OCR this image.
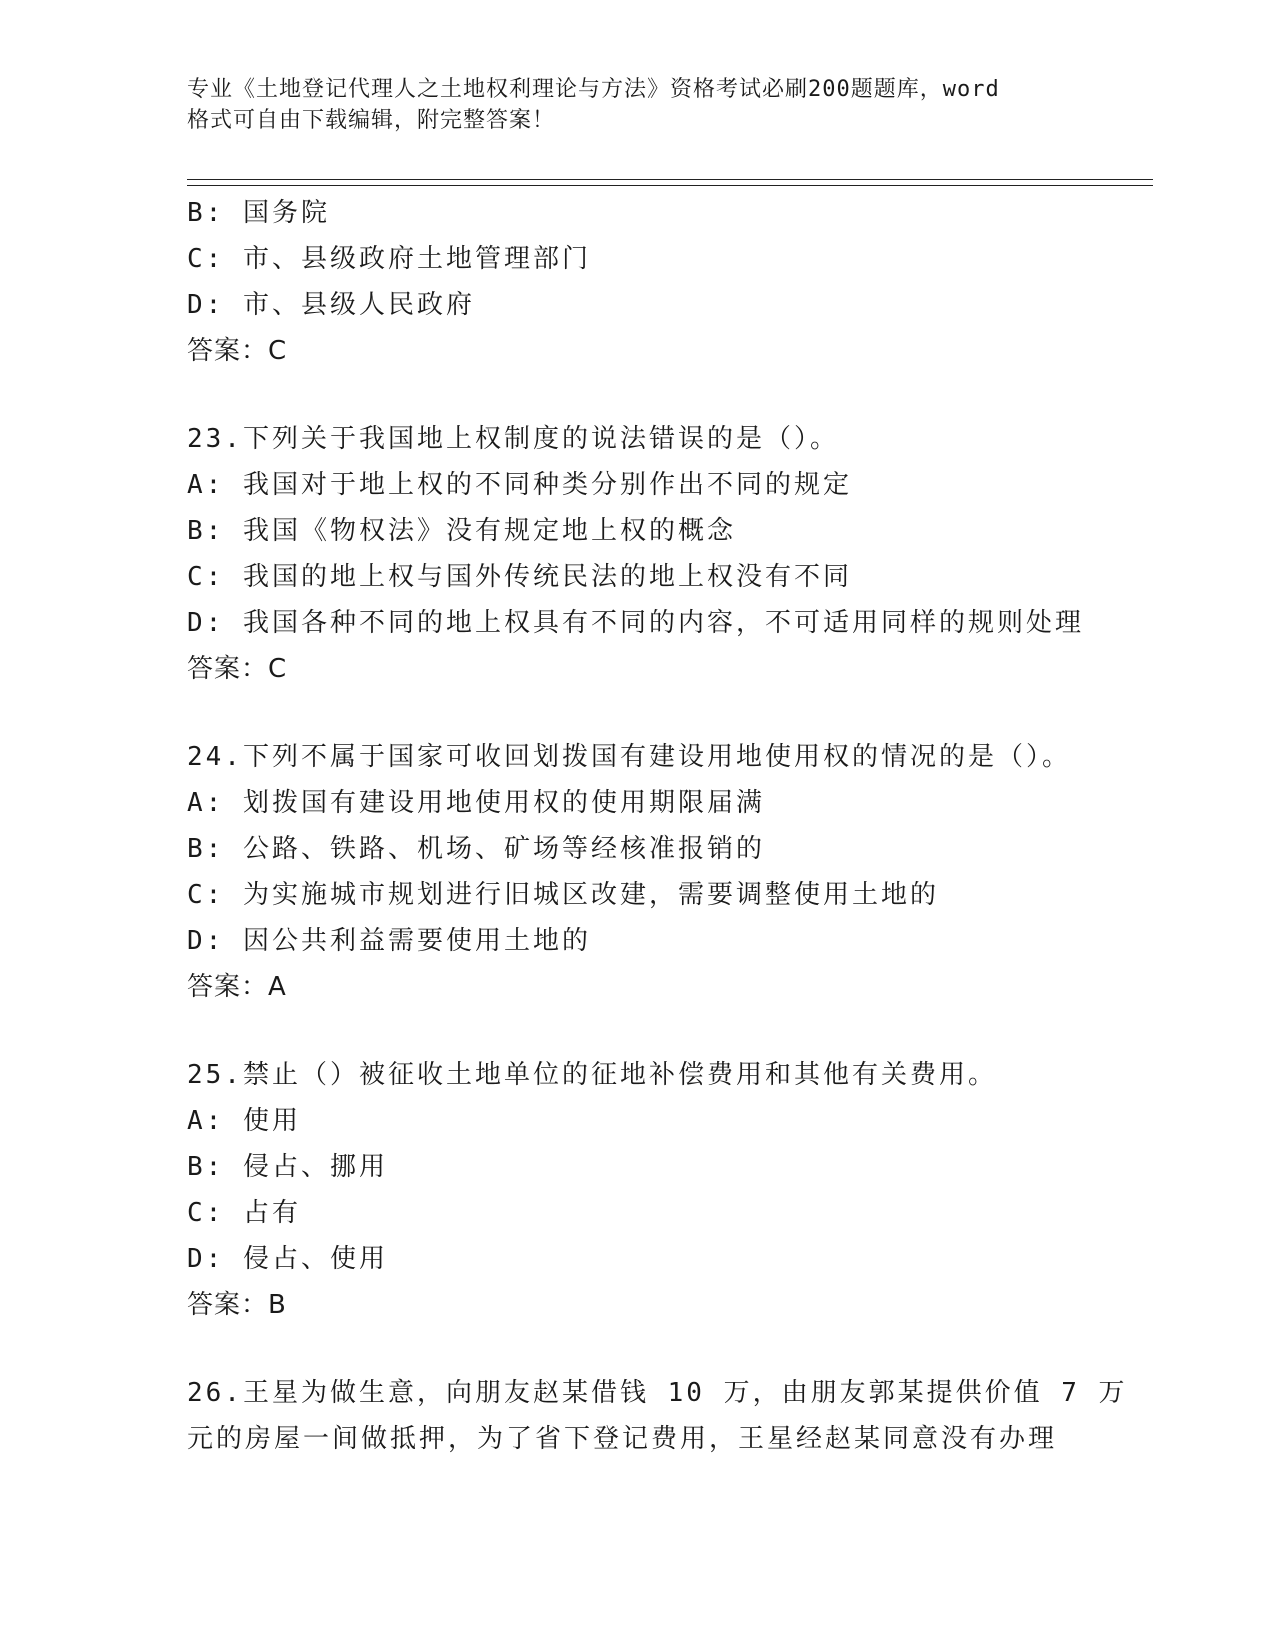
专业《土地登记代理人之土地权利理论与方法》资格考试必刷200题题库，word
格式可自由下载编辑，附完整答案！
B: 国务院
C: 市、县级政府土地管理部门
D: 市、县级人民政府
答案：C
23.下列关于我国地上权制度的说法错误的是（）。
A: 我国对于地上权的不同种类分别作出不同的规定
B: 我国《物权法》没有规定地上权的概念
C: 我国的地上权与国外传统民法的地上权没有不同
D: 我国各种不同的地上权具有不同的内容，不可适用同样的规则处理
答案：C
24.下列不属于国家可收回划拨国有建设用地使用权的情况的是（）。
A: 划拨国有建设用地使用权的使用期限届满
B: 公路、铁路、机场、矿场等经核准报销的
C: 为实施城市规划进行旧城区改建，需要调整使用土地的
D: 因公共利益需要使用土地的
答案：A
25.禁止（）被征收土地单位的征地补偿费用和其他有关费用。
A: 使用
B: 侵占、挪用
C: 占有
D: 侵占、使用
答案：B
26.王星为做生意，向朋友赵某借钱 10 万，由朋友郭某提供价值 7 万
元的房屋一间做抵押，为了省下登记费用，王星经赵某同意没有办理
